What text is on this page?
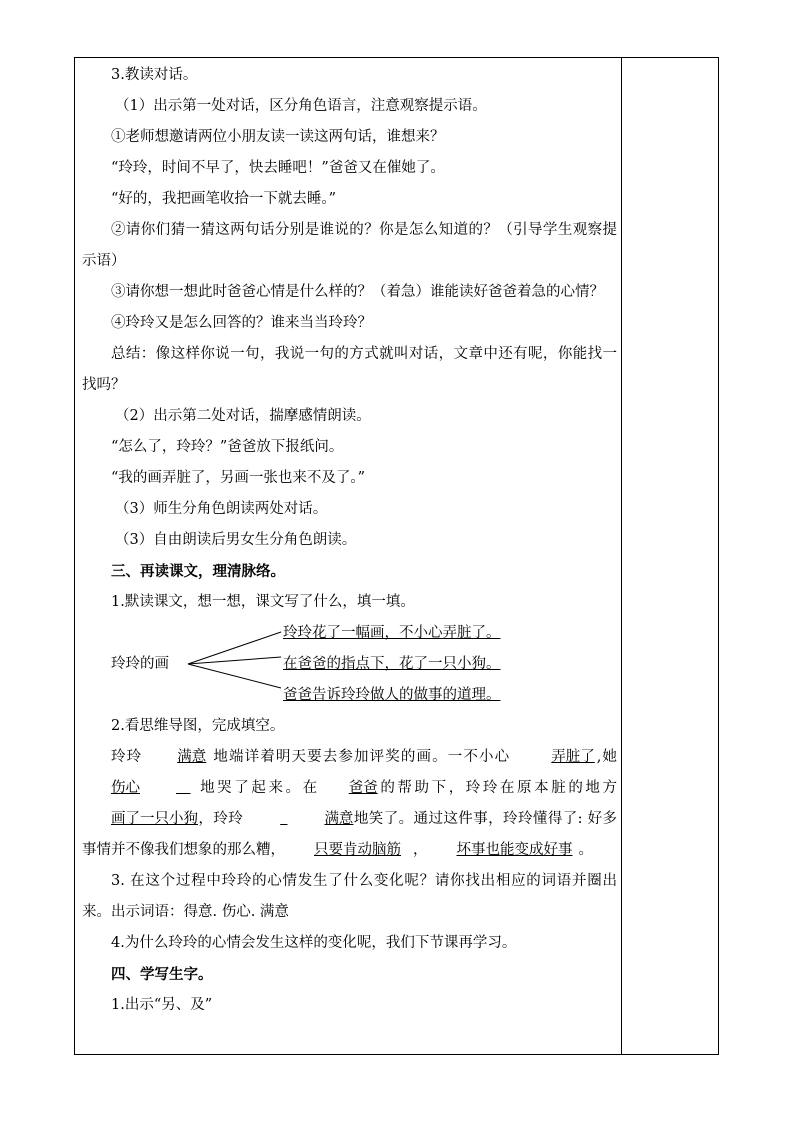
3.教读对话。
（1）出示第一处对话，区分角色语言，注意观察提示语。
①老师想邀请两位小朋友读一读这两句话，谁想来？
“玲玲，时间不早了，快去睡吧！”爸爸又在催她了。
“好的，我把画笔收拾一下就去睡。”
②请你们猜一猜这两句话分别是谁说的？你是怎么知道的？（引导学生观察提示语）
③请你想一想此时爸爸心情是什么样的？（着急）谁能读好爸爸着急的心情？
④玲玲又是怎么回答的？谁来当当玲玲？
总结：像这样你说一句，我说一句的方式就叫对话，文章中还有呢，你能找一找吗？
（2）出示第二处对话，揣摩感情朗读。
“怎么了，玲玲？”爸爸放下报纸问。
“我的画弄脏了，另画一张也来不及了。”
（3）师生分角色朗读两处对话。
（3）自由朗读后男女生分角色朗读。
三、再读课文，理清脉络。
1.默读课文，想一想，课文写了什么，填一填。
玲玲的画
玲玲花了一幅画，不小心弄脏了。
在爸爸的指点下，花了一只小狗。
爸爸告诉玲玲做人的做事的道理。
2.看思维导图，完成填空。
玲玲 满意 地端详着明天要去参加评奖的画。一不小心	弄脏了 ,她伤心 	地哭了起来。在 爸爸的帮助下，玲玲在原本脏的地方画了一只小狗，玲玲 	满意地笑了。通过这件事，玲玲懂得了: 好多事情并不像我们想象的那么糟， 只要肯动脑筋 ， 坏事也能变成好事 。
3. 在这个过程中玲玲的心情发生了什么变化呢？请你找出相应的词语并圈出来。出示词语：得意. 伤心. 满意
4.为什么玲玲的心情会发生这样的变化呢，我们下节课再学习。
四、学写生字。
1.出示“另、及”
